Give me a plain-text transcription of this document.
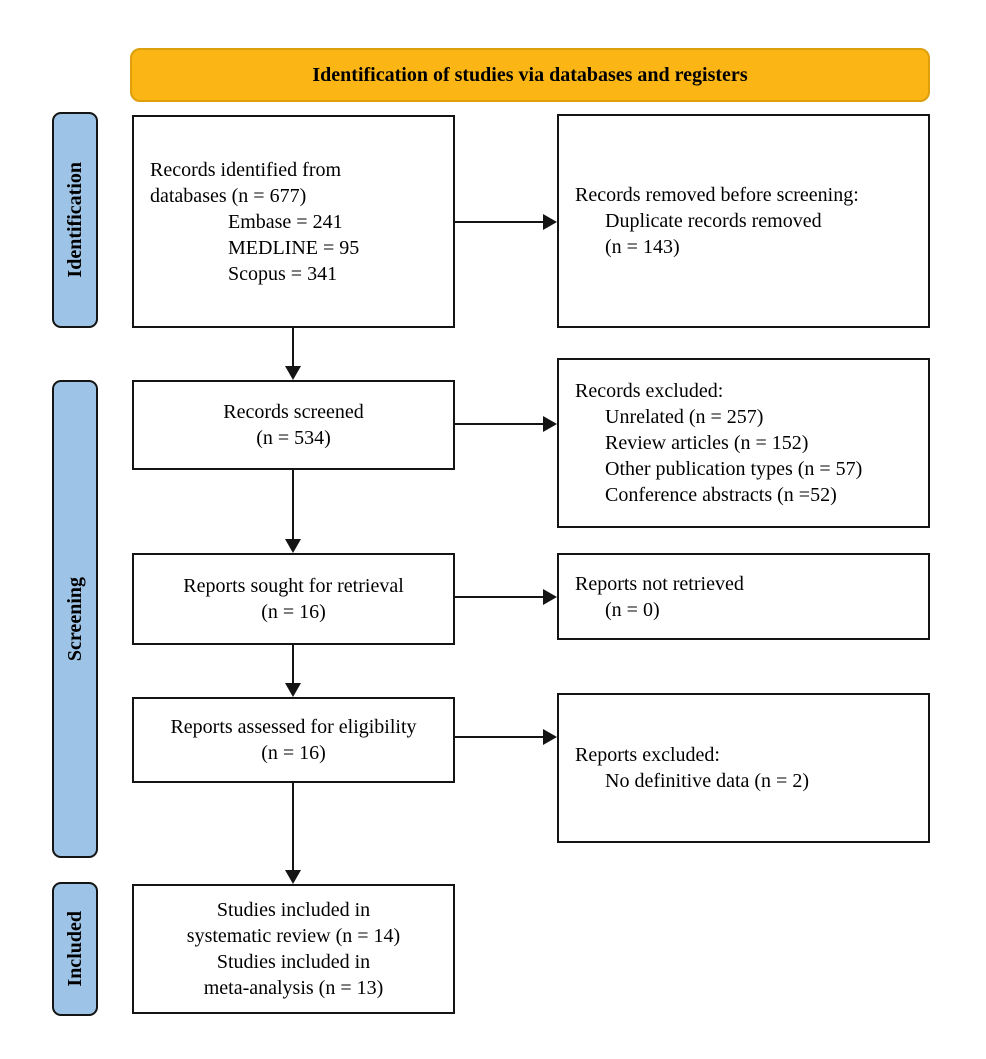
Identification of studies via databases and registers
Identification
Screening
Included
Records identified from
databases (n = 677)
Embase = 241
MEDLINE = 95
Scopus = 341
Records removed before screening:
Duplicate records removed
(n = 143)
Records screened
(n = 534)
Records excluded:
Unrelated (n = 257)
Review articles (n = 152)
Other publication types (n = 57)
Conference abstracts (n =52)
Reports sought for retrieval
(n = 16)
Reports not retrieved
(n = 0)
Reports assessed for eligibility
(n = 16)	Reports excluded:
No definitive data (n = 2)
Studies included in
systematic review (n = 14)
Studies included in
meta-analysis (n = 13)
